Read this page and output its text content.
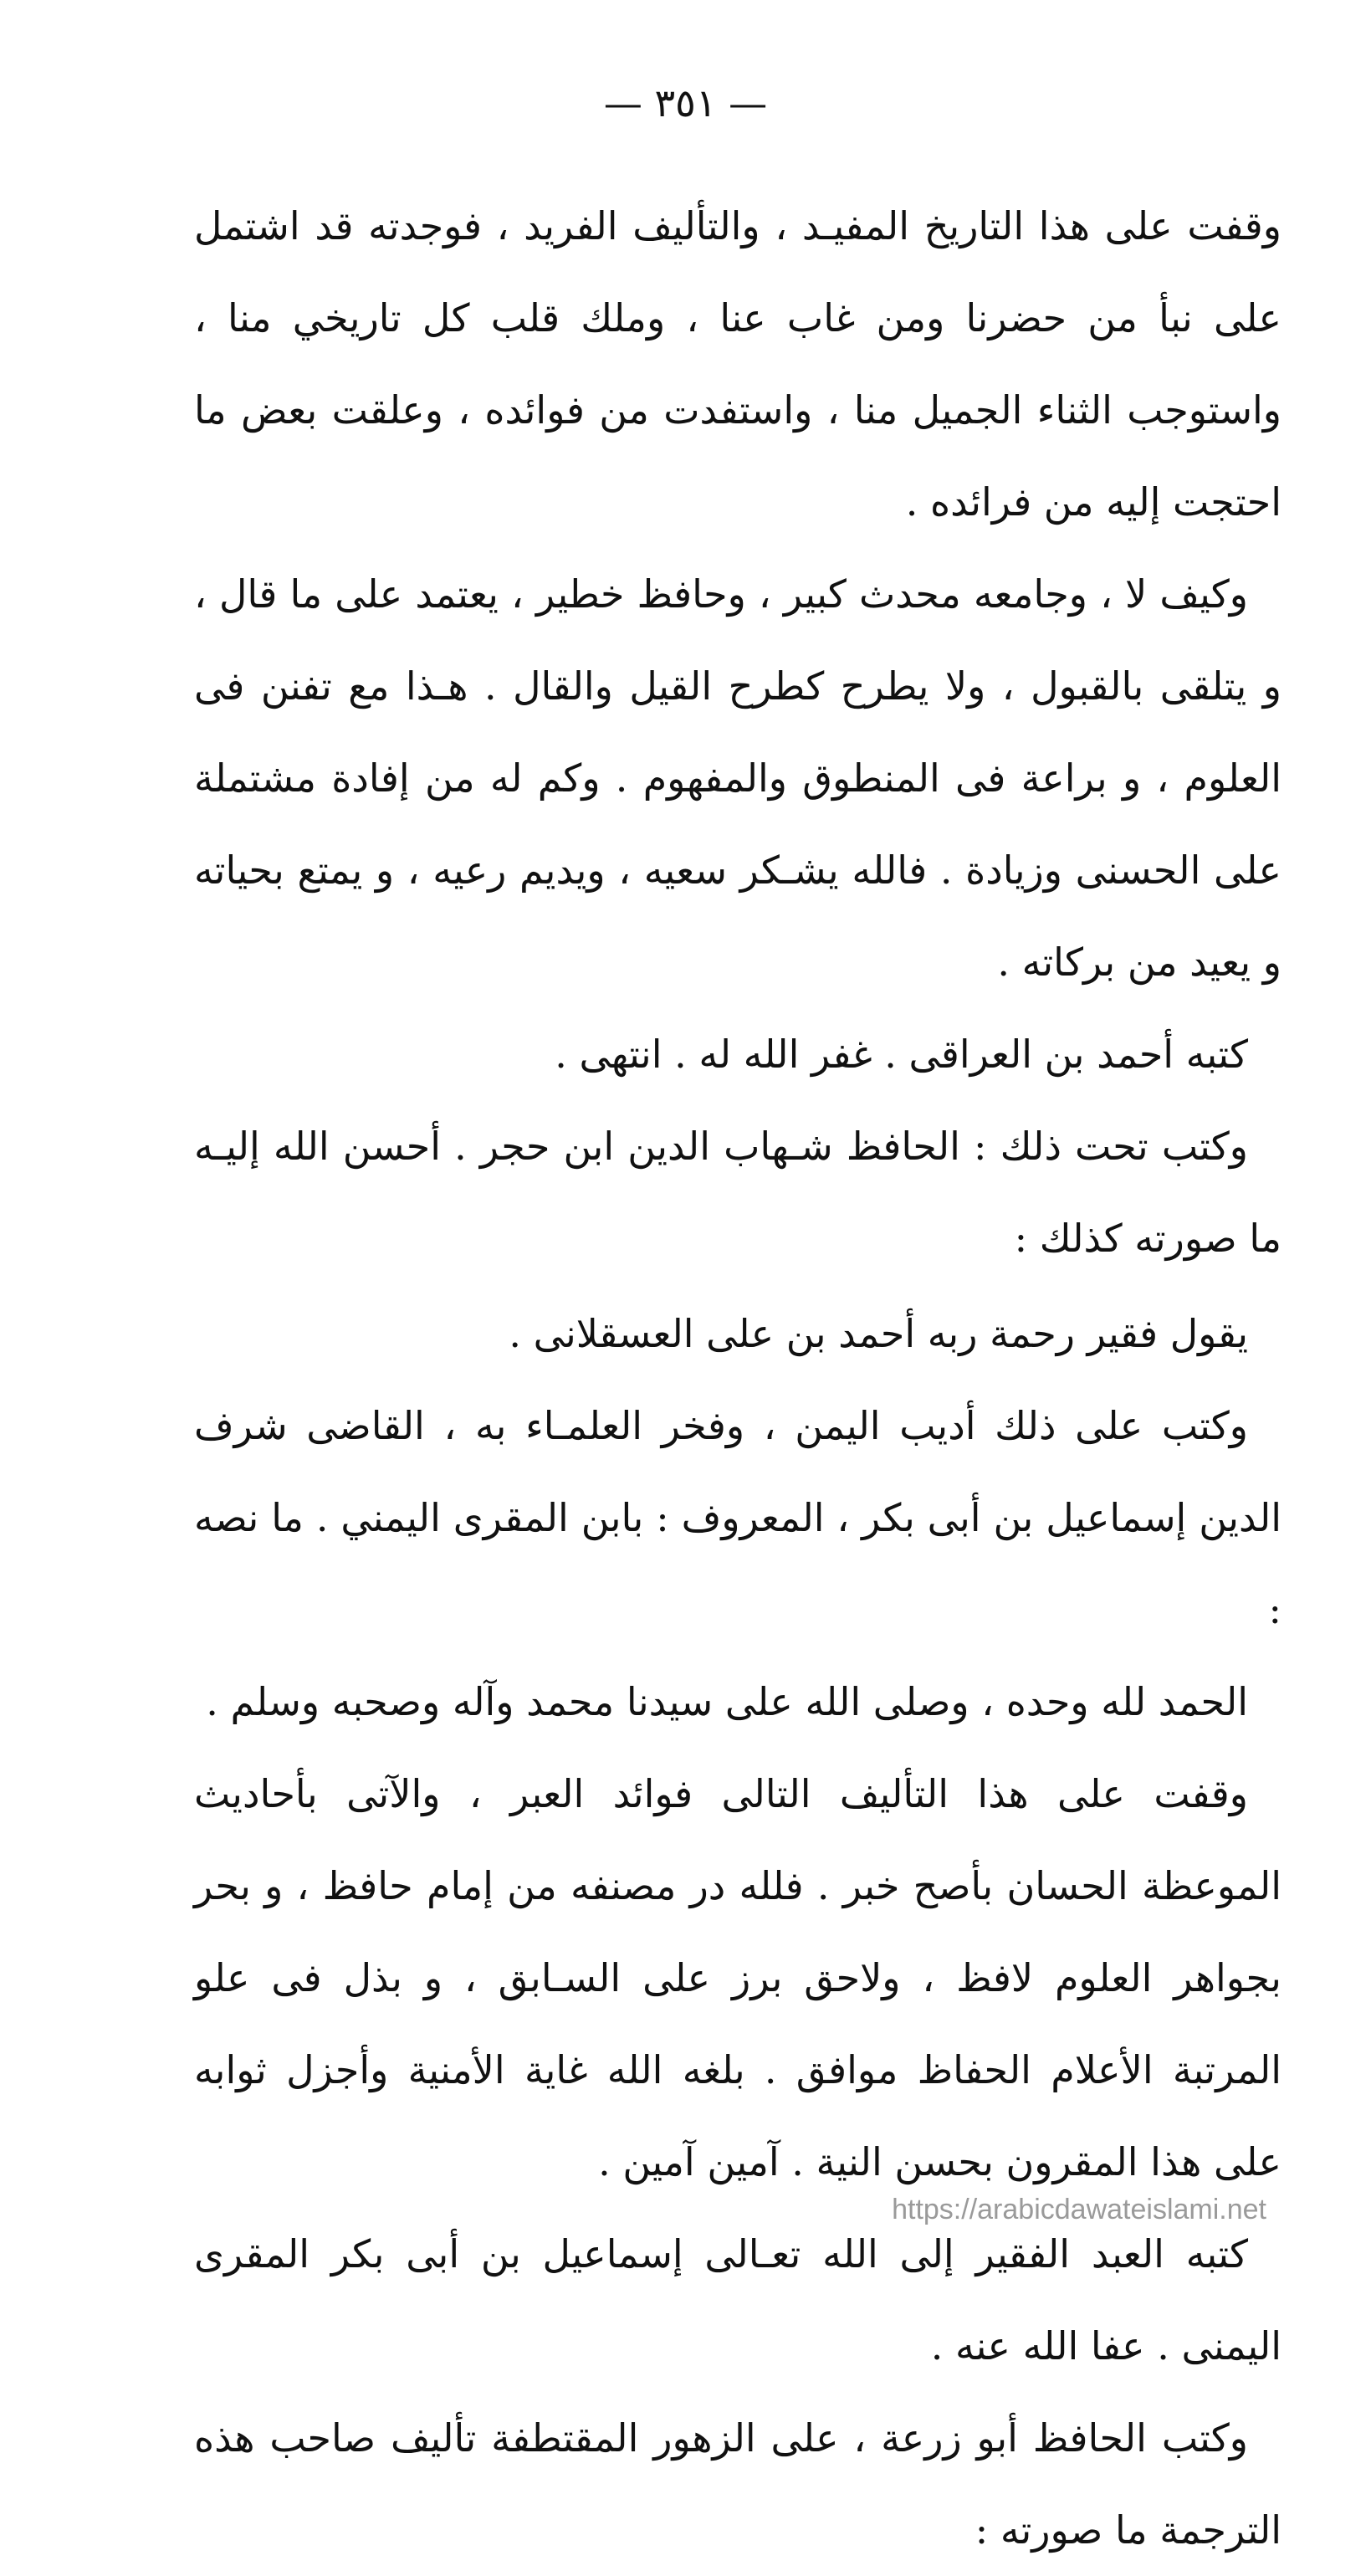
— ٣٥١ —

وقفت على هذا التاريخ المفيـد ، والتأليف الفريد ، فوجدته قد اشتمل على نبأ من حضرنا ومن غاب عنا ، وملك قلب كل تاريخي منا ، واستوجب الثناء الجميل منا ، واستفدت من فوائده ، وعلقت بعض ما احتجت إليه من فرائده .

وكيف لا ، وجامعه محدث كبير ، وحافظ خطير ، يعتمد على ما قال ، و يتلقى بالقبول ، ولا يطرح كطرح القيل والقال . هـذا مع تفنن فى العلوم ، و براعة فى المنطوق والمفهوم . وكم له من إفادة مشتملة على الحسنى وزيادة . فالله يشـكر سعيه ، ويديم رعيه ، و يمتع بحياته و يعيد من بركاته .

كتبه أحمد بن العراقى . غفر الله له . انتهى .

وكتب تحت ذلك : الحافظ شـهاب الدين ابن حجر . أحسن الله إليـه ما صورته كذلك :

يقول فقير رحمة ربه أحمد بن على العسقلانى .

وكتب على ذلك أديب اليمن ، وفخر العلمـاء به ، القاضى شرف الدين إسماعيل بن أبى بكر ، المعروف : بابن المقرى اليمني . ما نصه :

الحمد لله وحده ، وصلى الله على سيدنا محمد وآله وصحبه وسلم .

وقفت على هذا التأليف التالى فوائد العبر ، والآتى بأحاديث الموعظة الحسان بأصح خبر . فلله در مصنفه من إمام حافظ ، و بحر بجواهر العلوم لافظ ، ولاحق برز على السـابق ، و بذل فى علو المرتبة الأعلام الحفاظ موافق . بلغه الله غاية الأمنية وأجزل ثوابه على هذا المقرون بحسن النية . آمين آمين .

كتبه العبد الفقير إلى الله تعـالى إسماعيل بن أبى بكر المقرى اليمنى . عفا الله عنه .

وكتب الحافظ أبو زرعة ، على الزهور المقتطفة تأليف صاحب هذه الترجمة ما صورته :

https://arabicdawateislami.net
